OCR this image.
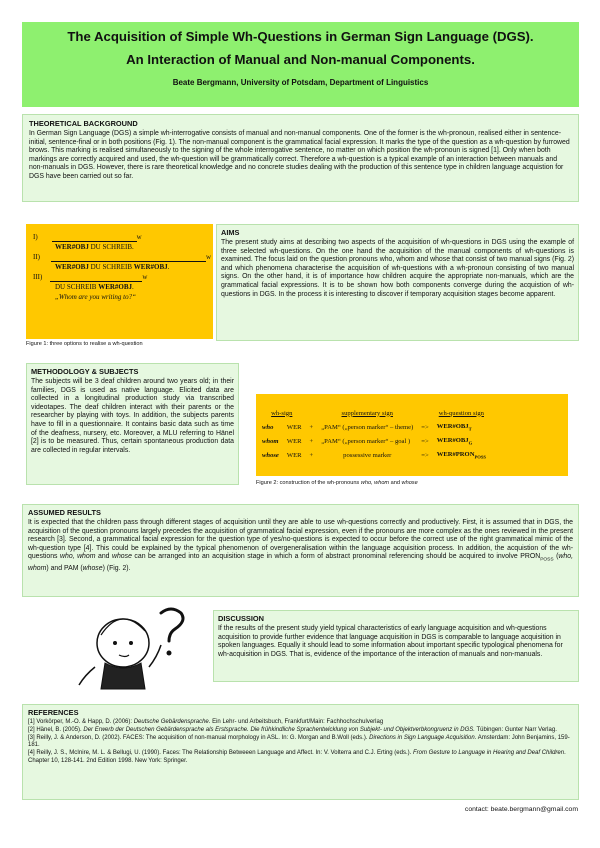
The Acquisition of Simple Wh-Questions in German Sign Language (DGS).
An Interaction of Manual and Non-manual Components.
Beate Bergmann, University of Potsdam, Department of Linguistics
THEORETICAL BACKGROUND

In German Sign Language (DGS) a simple wh-interrogative consists of manual and non-manual components. One of the former is the wh-pronoun, realised either in sentence-initial, sentence-final or in both positions (Fig. 1). The non-manual component is the grammatical facial expression. It marks the type of the question as a wh-question by furrowed brows. This marking is realised simultaneously to the signing of the whole interrogative sentence, no matter on which position the wh-pronoun is signed [1]. Only when both markings are correctly acquired and used, the wh-question will be grammatically correct. Therefore a wh-question is a typical example of an interaction between manuals and non-manuals in DGS. However, there is rare theoretical knowledge and no concrete studies dealing with the production of this sentence type in children language acquistion for DGS have been carried out so far.

I)	w
WER#OBJ DU SCHREIB.
II)	w
WER#OBJ DU SCHREIB WER#OBJ.
III)	w
DU SCHREIB WER#OBJ.
„Whom are you writing to?“
Figure 1: three options to realise a wh-question
AIMS

The present study aims at describing two aspects of the acquisition of wh-questions in DGS using the example of three selected wh-questions. On the one hand the acquisition of the manual components of wh-questions is examined. The focus laid on the question pronouns who, whom and whose that consist of two manual signs (Fig. 2) and which phenomena characterise the acquisition of wh-questions with a wh-pronoun consisting of two manual signs. On the other hand, it is of importance how children acquire the appropriate non-manuals, which are the grammatical facial expressions. It is to be shown how both components converge during the acquistion of wh-questions in DGS. In the process it is interesting to discover if temporary acquisition stages become apparent.

METHODOLOGY & SUBJECTS

The subjects will be 3 deaf children around two years old; in their families, DGS is used as native language. Elicited data are collected in a longitudinal production study via transcribed videotapes. The deaf children interact with their parents or the researcher by playing with toys. In addition, the subjects parents have to fill in a questionnaire. It contains basic data such as time of the deafness, nursery, etc. Moreover, a MLU referring to Hänel [2] is to be measured. Thus, certain spontaneous production data are collected in regular intervals.

wh-sign			supplementary sign		wh-question sign
who	WER	+	„PAM“ („person marker“ – theme)	=>	$WER\#OBJ_T$
whom	WER	+	„PAM“ („person marker“ – goal )	=>	$WER\#OBJ_G$
whose	WER	+	possessive marker	=>	$WER\#PRON_{POSS}$
Figure 2: construction of the wh-pronouns who, whom and whose
ASSUMED RESULTS

It is expected that the children pass through different stages of acquisition until they are able to use wh-questions correctly and productively. First, it is assumed that in DGS, the acquisition of the question pronouns largely precedes the acquisition of grammatical facial expression, even if the pronouns are more complex as the ones reviewed in the present research [3]. Second, a grammatical facial expression for the question type of yes/no-questions is expected to occur before the correct use of the right grammatical mimic of the wh-question type [4]. This could be explained by the typical phenomenon of overgeneralisation within the language acquisition process. In addition, the acquistion of the wh-questions who, whom and whose can be arranged into an acquisition stage in which a form of abstract pronominal referencing should be acquired to involve $PRON_{POSS}$ (who, whom) and PAM (whose) (Fig. 2).

DISCUSSION

If the results of the present study yield typical characteristics of early language acquisition and wh-questions acquisition to provide further evidence that language acquisition in DGS is comparable to language acquisition in spoken languages. Equally it should lead to some information about important specific typological phenomena for wh-acquisition in DGS. That is, evidence of the importance of the interaction of manuals and non-manuals.

REFERENCES

[1] Vorkörper, M.-O. & Happ, D. (2006): Deutsche Gebärdensprache. Ein Lehr- und Arbeitsbuch, Frankfurt/Main: Fachhochschulverlag

[2] Hänel, B. (2005). Der Erwerb der Deutschen Gebärdensprache als Erstsprache. Die frühkindliche Sprachentwicklung von Subjekt- und Objektverbkongruenz in DGS. Tübingen: Gunter Narr Verlag.

[3] Reilly, J. & Anderson, D. (2002). FACES: The acquisition of non-manual morphology in ASL. In: G. Morgan and B.Woll (eds.). Directions in Sign Language Acquisition. Amsterdam: John Benjamins, 159-181.

[4] Reilly, J. S., McInire, M. L. & Bellugi, U. (1990). Faces: The Relationship Betweeen Language and Affect. In: V. Volterra and C.J. Erting (eds.). From Gesture to Language in Hearing and Deaf Children. Chapter 10, 128-141. 2nd Edition 1998. New York: Springer.

contact: beate.bergmann@gmail.com
